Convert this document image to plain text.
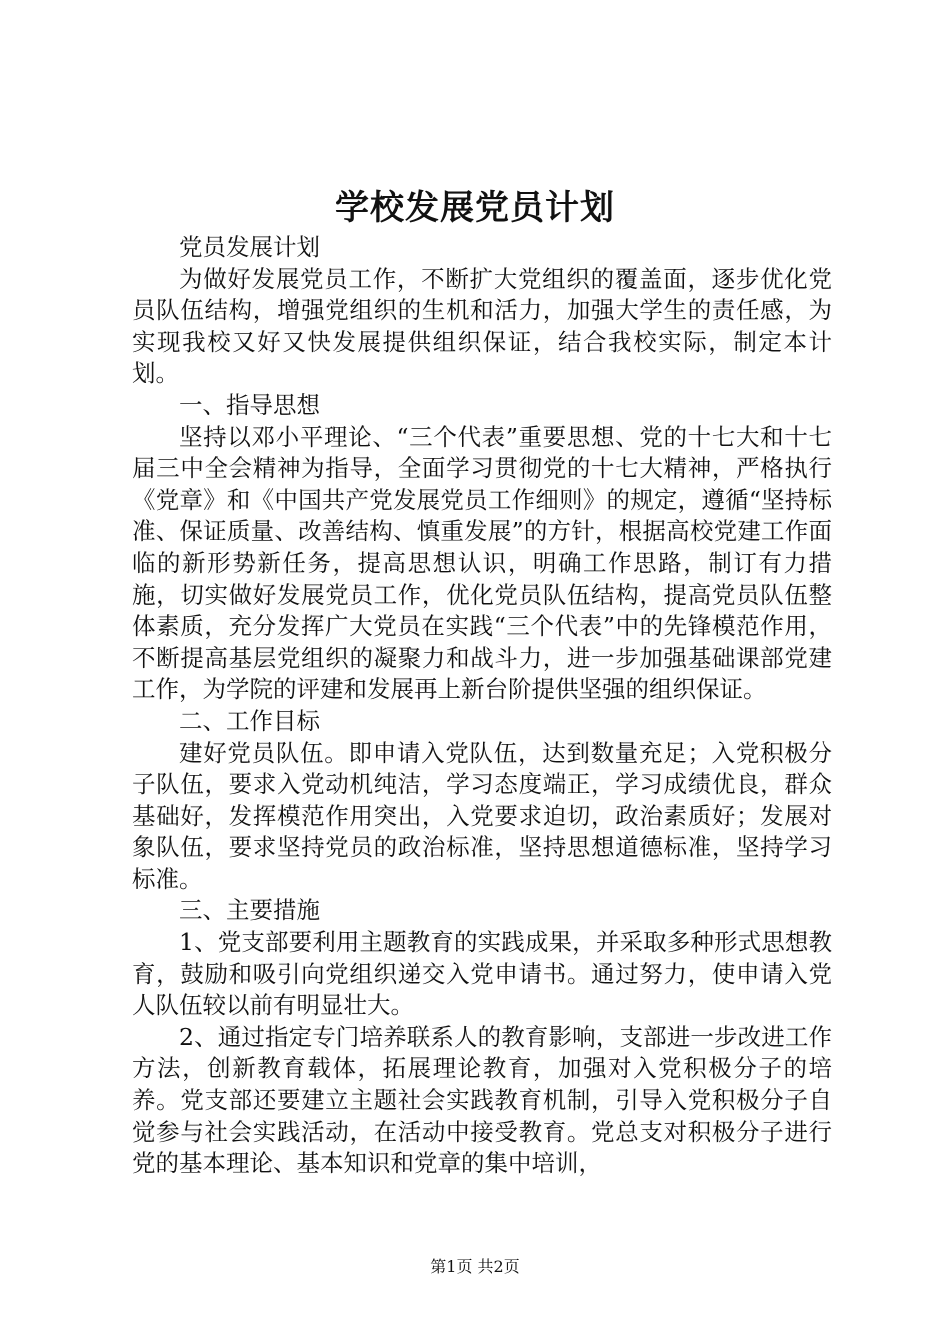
学校发展党员计划

党员发展计划

为做好发展党员工作，不断扩大党组织的覆盖面，逐步优化党员队伍结构，增强党组织的生机和活力，加强大学生的责任感，为实现我校又好又快发展提供组织保证，结合我校实际，制定本计划。

一、指导思想

坚持以邓小平理论、“三个代表”重要思想、党的十七大和十七届三中全会精神为指导，全面学习贯彻党的十七大精神，严格执行《党章》和《中国共产党发展党员工作细则》的规定，遵循“坚持标准、保证质量、改善结构、慎重发展”的方针，根据高校党建工作面临的新形势新任务，提高思想认识，明确工作思路，制订有力措施，切实做好发展党员工作，优化党员队伍结构，提高党员队伍整体素质，充分发挥广大党员在实践“三个代表”中的先锋模范作用，不断提高基层党组织的凝聚力和战斗力，进一步加强基础课部党建工作，为学院的评建和发展再上新台阶提供坚强的组织保证。

二、工作目标

建好党员队伍。即申请入党队伍，达到数量充足；入党积极分子队伍，要求入党动机纯洁，学习态度端正，学习成绩优良，群众基础好，发挥模范作用突出，入党要求迫切，政治素质好；发展对象队伍，要求坚持党员的政治标准，坚持思想道德标准，坚持学习标准。

三、主要措施

1、党支部要利用主题教育的实践成果，并采取多种形式思想教育，鼓励和吸引向党组织递交入党申请书。通过努力，使申请入党人队伍较以前有明显壮大。

2、通过指定专门培养联系人的教育影响，支部进一步改进工作方法，创新教育载体，拓展理论教育，加强对入党积极分子的培养。党支部还要建立主题社会实践教育机制，引导入党积极分子自觉参与社会实践活动，在活动中接受教育。党总支对积极分子进行党的基本理论、基本知识和党章的集中培训，

第1页 共2页
